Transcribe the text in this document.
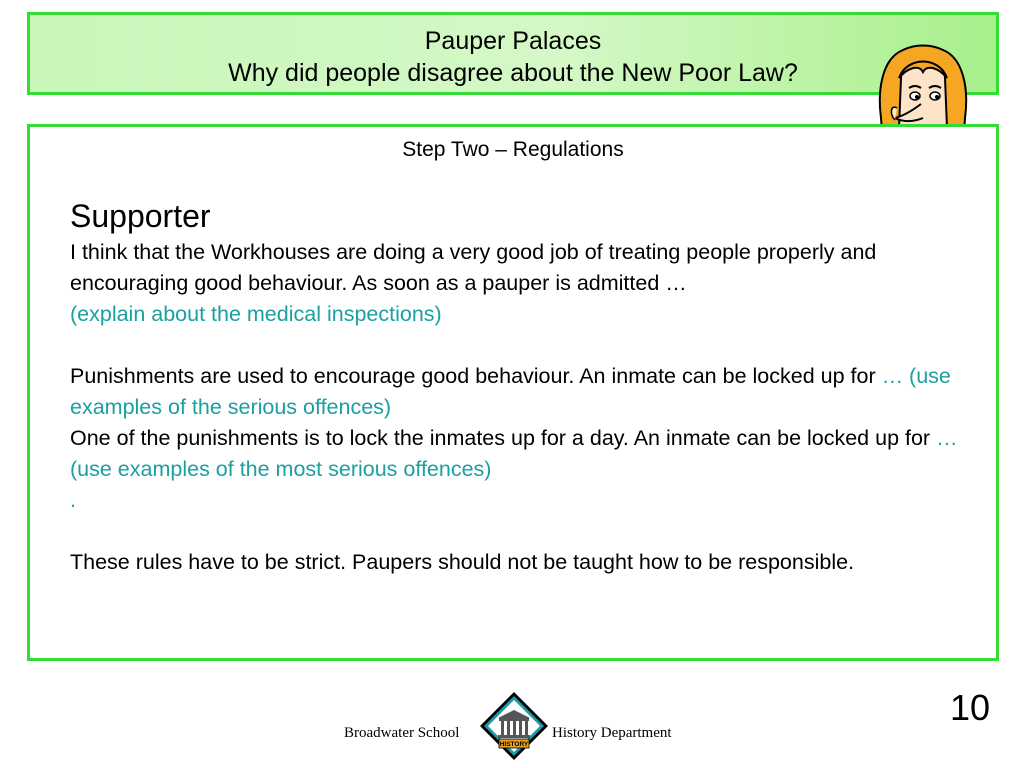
Pauper Palaces
Why did people disagree about the New Poor Law?
Step Two – Regulations

Supporter

I think that the Workhouses are doing a very good job of treating people properly and encouraging good behaviour. As soon as a pauper is admitted …
(explain about the medical inspections)

Punishments are used to encourage good behaviour. An inmate can be locked up for … (use examples of the serious offences)

One of the punishments is to lock the inmates up for a day. An inmate can be locked up for … (use examples of the most serious offences)

.

These rules have to be strict. Paupers should not be taught how to be responsible.

10
Broadwater School
HISTORY
History Department
